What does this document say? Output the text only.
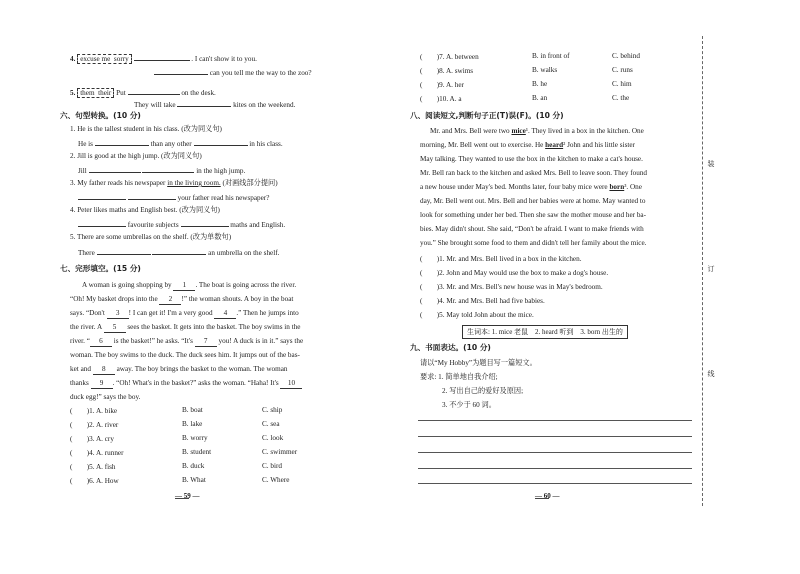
4. excuse me sorry	. I can't show it to you.
can you tell me the way to the zoo?
5. them their Put	on the desk.
They will take	kites on the weekend.
六、句型转换。(10 分)
1. He is the tallest student in his class. (改为同义句)
He is	than any other	in his class.
2. Jill is good at the high jump. (改为同义句)
Jill	in the high jump.
3. My father reads his newspaper in the living room. (对画线部分提问)
your father read his newspaper?
4. Peter likes maths and English best. (改为同义句)
favourite subjects	maths and English.
5. There are some umbrellas on the shelf. (改为单数句)
There	an umbrella on the shelf.
七、完形填空。(15 分)
A woman is going shopping by 1 . The boat is going across the river.
“Oh! My basket drops into the 2 !” the woman shouts. A boy in the boat
says. “Don't 3 ! I can get it! I'm a very good 4 .” Then he jumps into
the river. A 5 sees the basket. It gets into the basket. The boy swims in the
river. “ 6 is the basket!” he asks. “It's 7 you! A duck is in it.” says the
woman. The boy swims to the duck. The duck sees him. It jumps out of the bas-
ket and 8 away. The boy brings the basket to the woman. The woman
thanks 9 . “Oh! What's in the basket?” asks the woman. “Haha! It's 10
duck egg!” says the boy.
(　　)1. A. bike	B. boat	C. ship
(　　)2. A. river	B. lake	C. sea
(　　)3. A. cry	B. worry	C. look
(　　)4. A. runner	B. student	C. swimmer
(　　)5. A. fish	B. duck	C. bird
(　　)6. A. How	B. What	C. Where
— 59 —
(　　)7. A. between	B. in front of	C. behind
(　　)8. A. swims	B. walks	C. runs
(　　)9. A. her	B. he	C. him
(　　)10. A. a	B. an	C. the
八、阅读短文,判断句子正(T)误(F)。(10 分)
Mr. and Mrs. Bell were two mice¹. They lived in a box in the kitchen. One
morning, Mr. Bell went out to exercise. He heard² John and his little sister
May talking. They wanted to use the box in the kitchen to make a cat's house.
Mr. Bell ran back to the kitchen and asked Mrs. Bell to leave soon. They found
a new house under May's bed. Months later, four baby mice were born³. One
day, Mr. Bell went out. Mrs. Bell and her babies were at home. May wanted to
look for something under her bed. Then she saw the mother mouse and her ba-
bies. May didn't shout. She said, “Don't be afraid. I want to make friends with
you.” She brought some food to them and didn't tell her family about the mice.
(　　)1. Mr. and Mrs. Bell lived in a box in the kitchen.
(　　)2. John and May would use the box to make a dog's house.
(　　)3. Mr. and Mrs. Bell's new house was in May's bedroom.
(　　)4. Mr. and Mrs. Bell had five babies.
(　　)5. May told John about the mice.
生词本: 1. mice 老鼠　2. heard 听到　3. born 出生的
九、书面表达。(10 分)
请以“My Hobby”为题目写一篇短文。
要求: 1. 简单地自我介绍;
2. 写出自己的爱好及原因;
3. 不少于 60 词。
— 60 —
装
订
线
